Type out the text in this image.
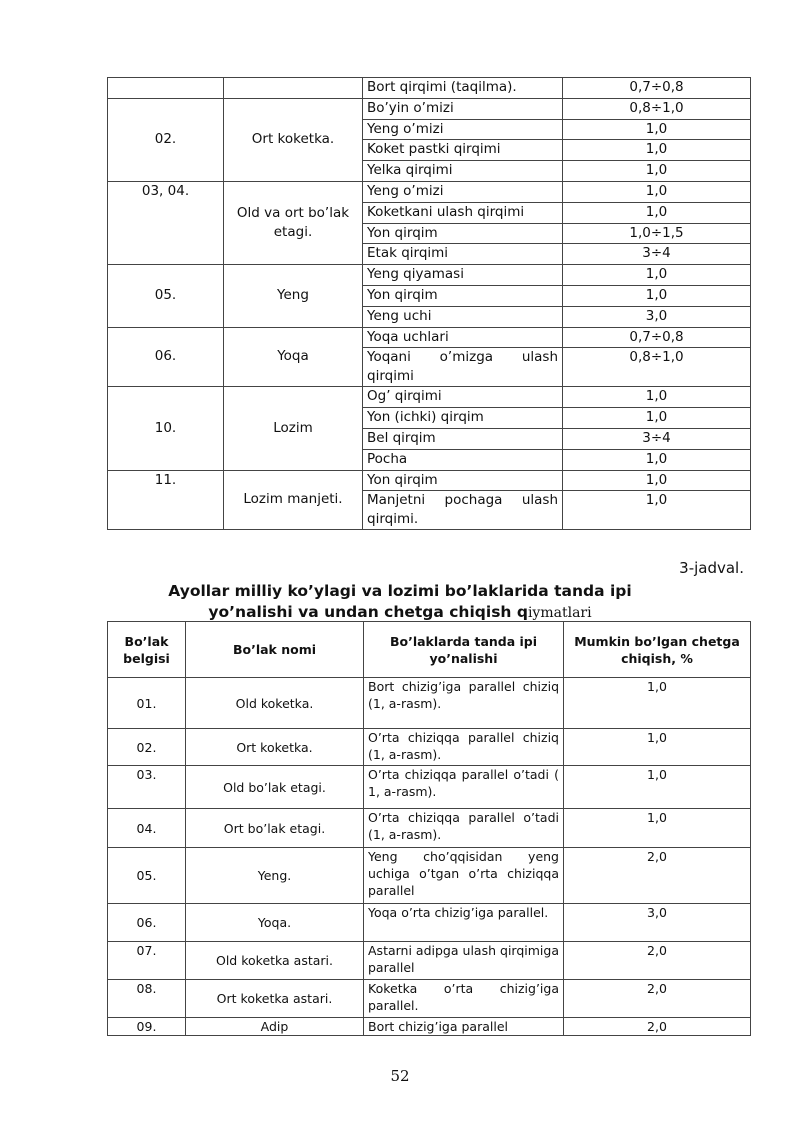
		Bort qirqimi (taqilma).	0,7÷0,8
02.	Ort koketka.	Bo’yin o’mizi	0,8÷1,0
		Yeng o’mizi	1,0
		Koket pastki qirqimi	1,0
		Yelka qirqimi	1,0
03, 04.	Old va ort bo’lak etagi.	Yeng o’mizi	1,0
		Koketkani ulash qirqimi	1,0
		Yon qirqim	1,0÷1,5
		Etak qirqimi	3÷4
05.	Yeng	Yeng qiyamasi	1,0
		Yon qirqim	1,0
		Yeng uchi	3,0
06.	Yoqa	Yoqa uchlari	0,7÷0,8

		Yoqani o’mizga ulash
qirqimi	0,8÷1,0
10.	Lozim	Og’ qirqimi	1,0
		Yon (ichki) qirqim	1,0
		Bel qirqim	3÷4
		Pocha	1,0
11.	Lozim manjeti.	Yon qirqim	1,0

		Manjetni pochaga ulash
qirqimi.	1,0
3-jadval.
Ayollar milliy ko’ylagi va lozimi bo’laklarida tanda ipi
yo’nalishi va undan chetga chiqish qiymatlari
Bo’lak belgisi	Bo’lak nomi	Bo’laklarda tanda ipi yo’nalishi	Mumkin bo’lgan chetga chiqish, %
01.	Old koketka.	Bort chizig’iga parallel chiziq (1, a-rasm).	1,0
02.	Ort koketka.	O’rta chiziqqa parallel chiziq (1, a-rasm).	1,0
03.	Old bo’lak etagi.	O’rta chiziqqa parallel o’tadi ( 1, a-rasm).	1,0
04.	Ort bo’lak etagi.	O’rta chiziqqa parallel o’tadi (1, a-rasm).	1,0
05.	Yeng.	Yeng cho’qqisidan yeng uchiga o’tgan o’rta chiziqqa parallel	2,0
06.	Yoqa.	Yoqa o’rta chizig’iga parallel.	3,0
07.	Old koketka astari.	Astarni adipga ulash qirqimiga parallel	2,0
08.	Ort koketka astari.	Koketka o’rta chizig’iga parallel.	2,0
09.	Adip	Bort chizig’iga parallel	2,0
52
